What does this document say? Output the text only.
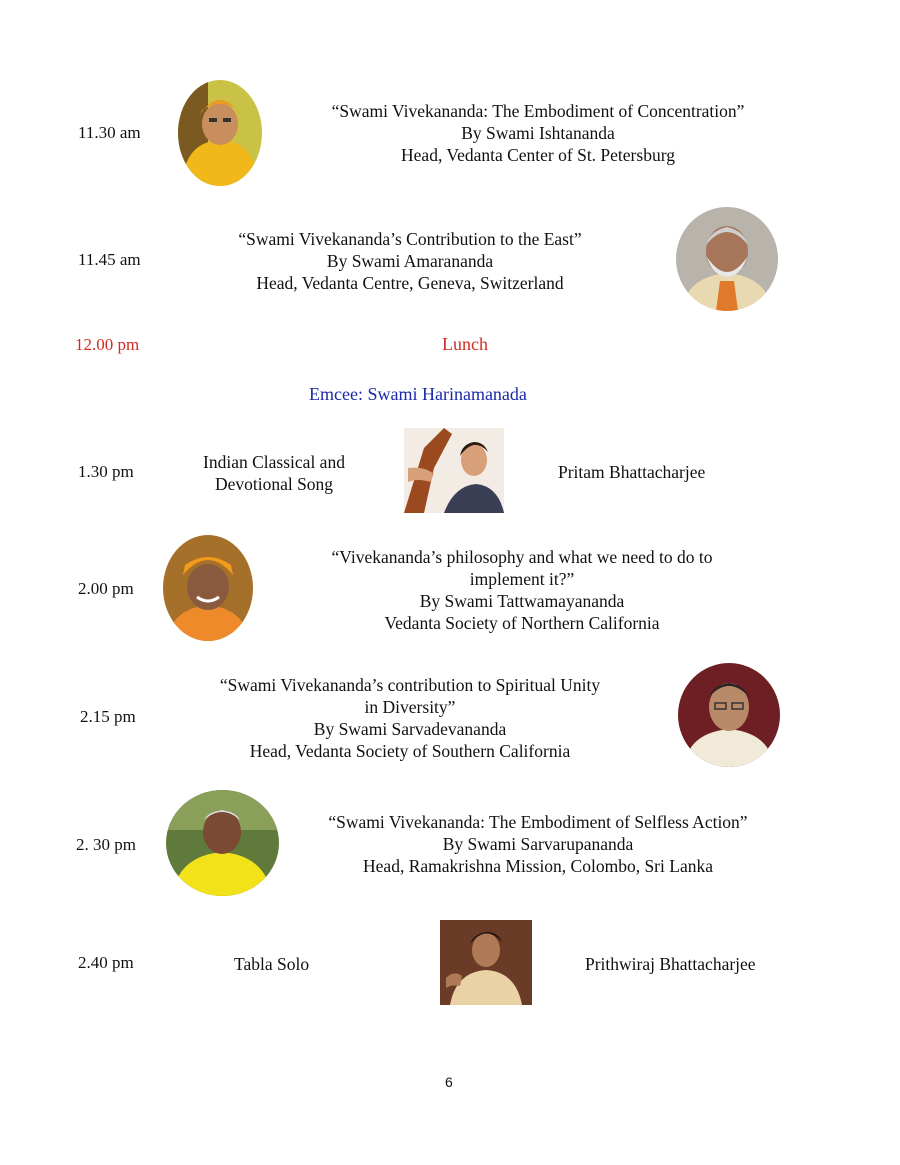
11.30 am
“Swami Vivekananda: The Embodiment of Concentration”
By Swami Ishtananda
Head, Vedanta Center of St. Petersburg
11.45 am
“Swami Vivekananda’s Contribution to the East”
By Swami Amarananda
Head, Vedanta Centre, Geneva, Switzerland
12.00 pm	Lunch
Emcee: Swami Harinamanada
1.30 pm	Indian Classical and
Devotional Song
Pritam Bhattacharjee
2.00 pm
“Vivekananda’s philosophy and what we need to do to
implement it?”
By Swami Tattwamayananda
Vedanta Society of Northern California
2.15 pm
“Swami Vivekananda’s contribution to Spiritual Unity
in Diversity”
By Swami Sarvadevananda
Head, Vedanta Society of Southern California
2. 30 pm
“Swami Vivekananda: The Embodiment of Selfless Action”
By Swami Sarvarupananda
Head, Ramakrishna Mission, Colombo, Sri Lanka
2.40 pm	Tabla Solo	Prithwiraj Bhattacharjee
6
